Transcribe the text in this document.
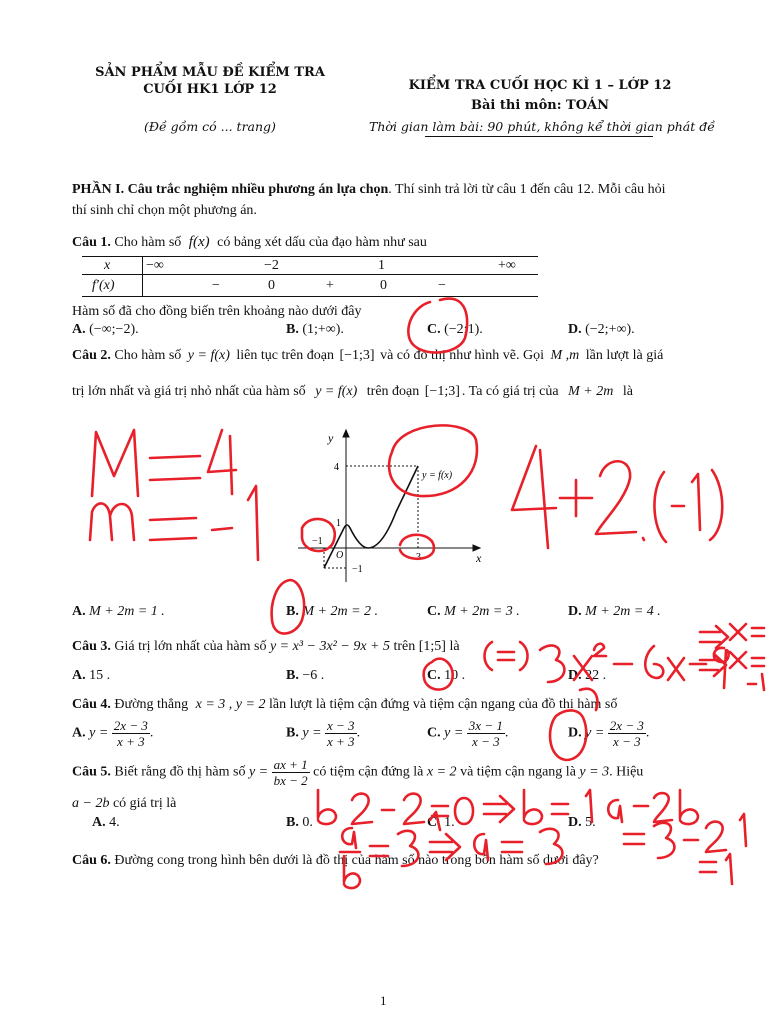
SẢN PHẨM MẪU ĐỀ KIỂM TRA
CUỐI HK1 LỚP 12
(Đề gồm có ... trang)
KIỂM TRA CUỐI HỌC KÌ 1 – LỚP 12
Bài thi môn: TOÁN
Thời gian làm bài: 90 phút, không kể thời gian phát đề
PHẦN I. Câu trắc nghiệm nhiều phương án lựa chọn. Thí sinh trả lời từ câu 1 đến câu 12. Mỗi câu hỏi
thí sinh chỉ chọn một phương án.
Câu 1. Cho hàm số f(x) có bảng xét dấu của đạo hàm như sau
x	−∞	−2	1	+∞
f′(x)	−	0	+	0	−
Hàm số đã cho đồng biến trên khoảng nào dưới đây
A. (−∞;−2).	B. (1;+∞).	C. (−2;1).	D. (−2;+∞).
Câu 2. Cho hàm số y = f(x) liên tục trên đoạn [−1;3] và có đồ thị như hình vẽ. Gọi M ,m lần lượt là giá
trị lớn nhất và giá trị nhỏ nhất của hàm số y = f(x) trên đoạn [−1;3] . Ta có giá trị của M + 2m là
y
x
y = f(x)
4
1
−1
O	3
−1
A. M + 2m = 1 .	B. M + 2m = 2 .	C. M + 2m = 3 .	D. M + 2m = 4 .
Câu 3. Giá trị lớn nhất của hàm số y = x³ − 3x² − 9x + 5 trên [1;5] là
A. 15 .	B. −6 .	C. 10 .	D. 22 .
Câu 4. Đường thẳng x = 3 , y = 2 lần lượt là tiệm cận đứng và tiệm cận ngang của đồ thị hàm số
A. $y = \frac{2x - 3}{x + 3}$ .	B. $y = \frac{x - 3}{x + 3}$ .	C. $y = \frac{3x - 1}{x - 3}$ .	D. $y = \frac{2x - 3}{x - 3}$ .
Câu 5. Biết rằng đồ thị hàm số $y = \frac{ax + 1}{bx - 2}$ có tiệm cận đứng là x = 2 và tiệm cận ngang là y = 3. Hiệu
a − 2b có giá trị là
A. 4.	B. 0.	C. 1.	D. 5.
Câu 6. Đường cong trong hình bên dưới là đồ thị của hàm số nào trong bốn hàm số dưới đây?
1
